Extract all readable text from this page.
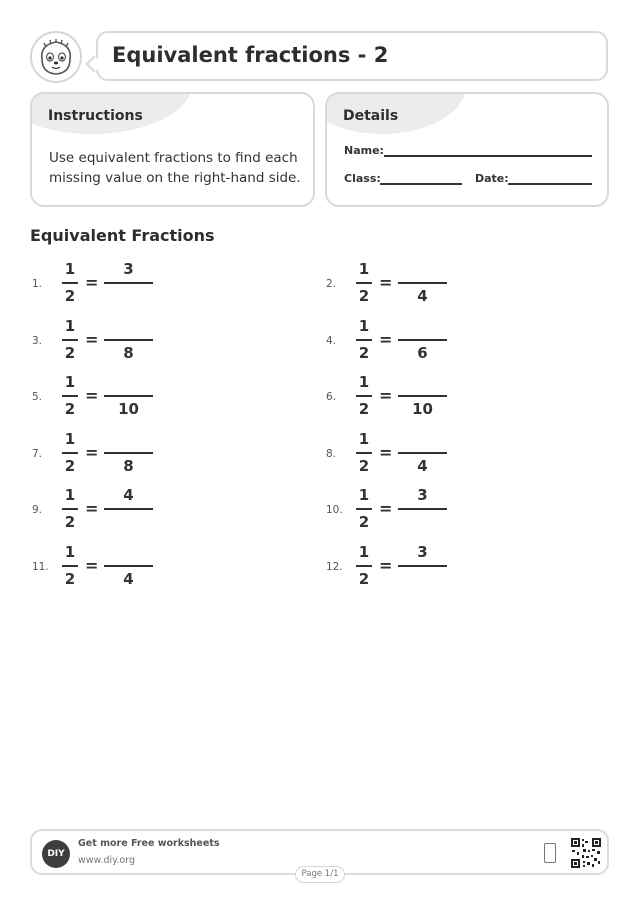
Equivalent fractions - 2
Instructions
Use equivalent fractions to find each missing value on the right-hand side.
Details
Name:
Class:	Date:
Equivalent Fractions
1.
1
2
=
3
2.
1
2
=
4
3.
1
2
=
8
4.
1
2
=
6
5.
1
2
=
10
6.
1
2
=
10
7.
1
2
=
8
8.
1
2
=
4
9.
1
2
=
4
10.
1
2
=
3
11.
1
2
=
4
12.
1
2
=
3
DIY
Get more Free worksheets
www.diy.org
Page 1/1
